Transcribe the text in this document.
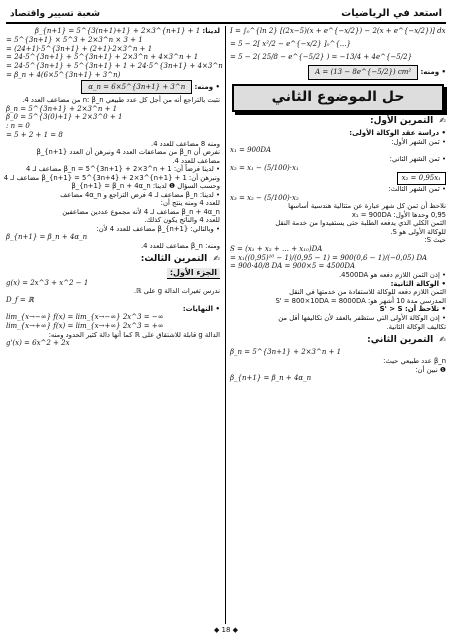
شعبة تسيير واقتصاد	استعد في الرياضيات
لدينا: β_{n+1} = 5^{3(n+1)+1} + 2×3^{n+1} + 1
= 5^{3n+1} × 5^3 + 2×3^n × 3 + 1
= (24+1)·5^{3n+1} + (2+1)·2×3^n + 1
= 24·5^{3n+1} + 5^{3n+1} + 2×3^n + 4×3^n + 1
= 24·5^{3n+1} + 5^{3n+1} + 1 + 24·5^{3n+1} + 4×3^n
= β_n + 4(6×5^{3n+1} + 3^n)
• ومنه: α_n = 6×5^{3n+1} + 3^n
نثبت بالتراجع أنه من أجل كل عدد طبيعي n: β_n من مضاعف العدد 4.
β_n = 5^{3n+1} + 2×3^n + 1
β_0 = 5^{3(0)+1} + 2×3^0 + 1
: n = 0
= 5 + 2 + 1 = 8
ومنه 8 مضاعف للعدد 4.
نفرض أن β_n من مضاعفات العدد 4 ونبرهن أن العدد β_{n+1}
مضاعف للعدد 4.
• لدينا فرضاً أن: 1 + β_n = 5^{3n+1} + 2×3^n مضاعف لـ 4
ونبرهن أن: 1 + β_{n+1} = 5^{3n+4} + 2×3^{n+1} مضاعف لـ 4
وحسب السؤال ❶ لدينا: β_{n+1} = β_n + 4α_n
• لدينا: β_n مضاعف لـ 4 فرض التراجع و 4α_n مضاعف
للعدد 4 ومنه ينتج أن:
β_n + 4α_n مضاعف لـ 4 لأنه مجموع عددين مضاعفين
للعدد 4 والناتج يكون كذلك.
• وبالتالي: β_{n+1} مضاعف للعدد 4 لأن:
β_{n+1} = β_n + 4α_n
ومنه: β_n مضاعف للعدد 4.
✍ التمرين الثالث:
الجزء الأول:
g(x) = 2x^3 + x^2 − 1
ندرس تغيرات الدالة g على ℝ.
D_f = ℝ
• النهايات:
lim_{x→−∞} f(x) = lim_{x→−∞} 2x^3 = −∞
lim_{x→+∞} f(x) = lim_{x→+∞} 2x^3 = +∞
الدالة g قابلة للاشتقاق على ℝ كما أنها دالة كثير الحدود ومنه:
g'(x) = 6x^2 + 2x
I = ∫₀^{ln 2} [(2x−5)(x + e^{−x/2}) − 2(x + e^{−x/2})] dx
= 5 − 2[ x²/2 − e^{−x/2} ]₀^{...}
= 5 − 2( 25/8 − e^{−5/2} ) = −13/4 + 4e^{−5/2}
• ومنه: A = (13 − 8e^{−5/2}) cm²
حل الموضوع الثاني
✍ التمرين الأول:
• دراسة عقد الوكالة الأولى:
• ثمن الشهر الأول:
x₁ = 900DA
• ثمن الشهر الثاني:
x₂ = x₁ − (5/100)·x₁
x₂ = 0,95x₁
• ثمن الشهر الثالث:
x₃ = x₂ − (5/100)·x₂
نلاحظ أن ثمن كل شهر عبارة عن متتالية هندسية أساسها
0,95 وحدها الأول: x₁ = 900DA
الثمن الكلي الذي يدفعه الطلبة حتى يستفيدوا من خدمة النقل
للوكالة الأولى هو S.
حيث S:
S = (x₁ + x₂ + … + x₁₀)DA
= x₁((0,95)¹⁰ − 1)/(0,95 − 1) = 900(0,6 − 1)/(−0,05) DA
= 900·40/8 DA = 900×5 = 4500DA
• إذن الثمن اللازم دفعه هو 4500DA.
• الوكالة الثانية:
الثمن اللازم دفعه للوكالة للاستفادة من خدمتها في النقل
المدرسي مدة 10 أشهر هو: S' = 800×10DA = 8000DA
• نلاحظ أن: S' > S
• إذن الوكالة الأولى التي ستظفر بالعقد لأن تكاليفها أقل من
تكاليف الوكالة الثانية.
✍ التمرين الثاني:
β_n = 5^{3n+1} + 2×3^n + 1
β_n عدد طبيعي حيث:
❶ نبين أن:
β_{n+1} = β_n + 4α_n
◆ 18 ◆
